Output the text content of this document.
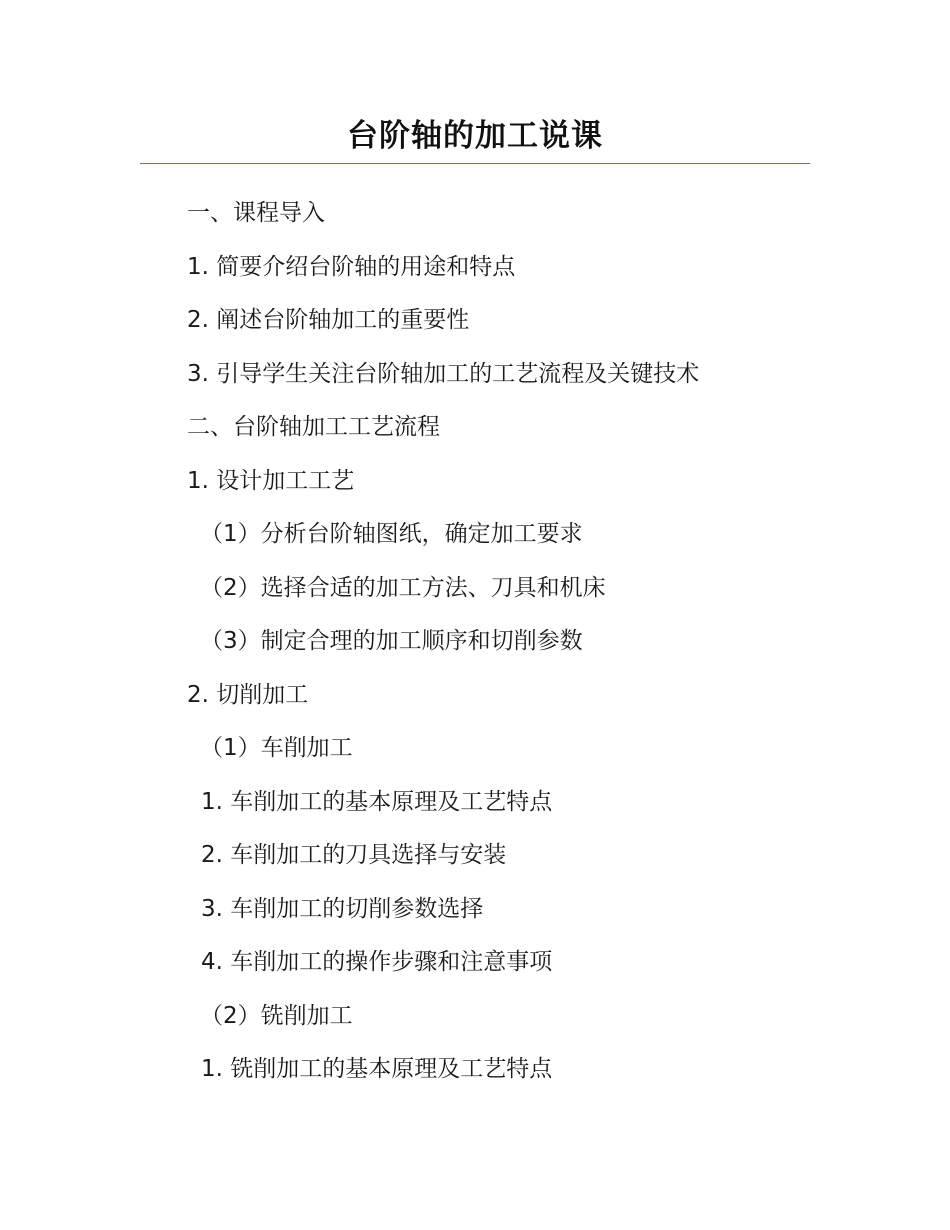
台阶轴的加工说课
一、课程导入
1. 简要介绍台阶轴的用途和特点
2. 阐述台阶轴加工的重要性
3. 引导学生关注台阶轴加工的工艺流程及关键技术
二、台阶轴加工工艺流程
1. 设计加工工艺
（1）分析台阶轴图纸，确定加工要求
（2）选择合适的加工方法、刀具和机床
（3）制定合理的加工顺序和切削参数
2. 切削加工
（1）车削加工
1. 车削加工的基本原理及工艺特点
2. 车削加工的刀具选择与安装
3. 车削加工的切削参数选择
4. 车削加工的操作步骤和注意事项
（2）铣削加工
1. 铣削加工的基本原理及工艺特点
